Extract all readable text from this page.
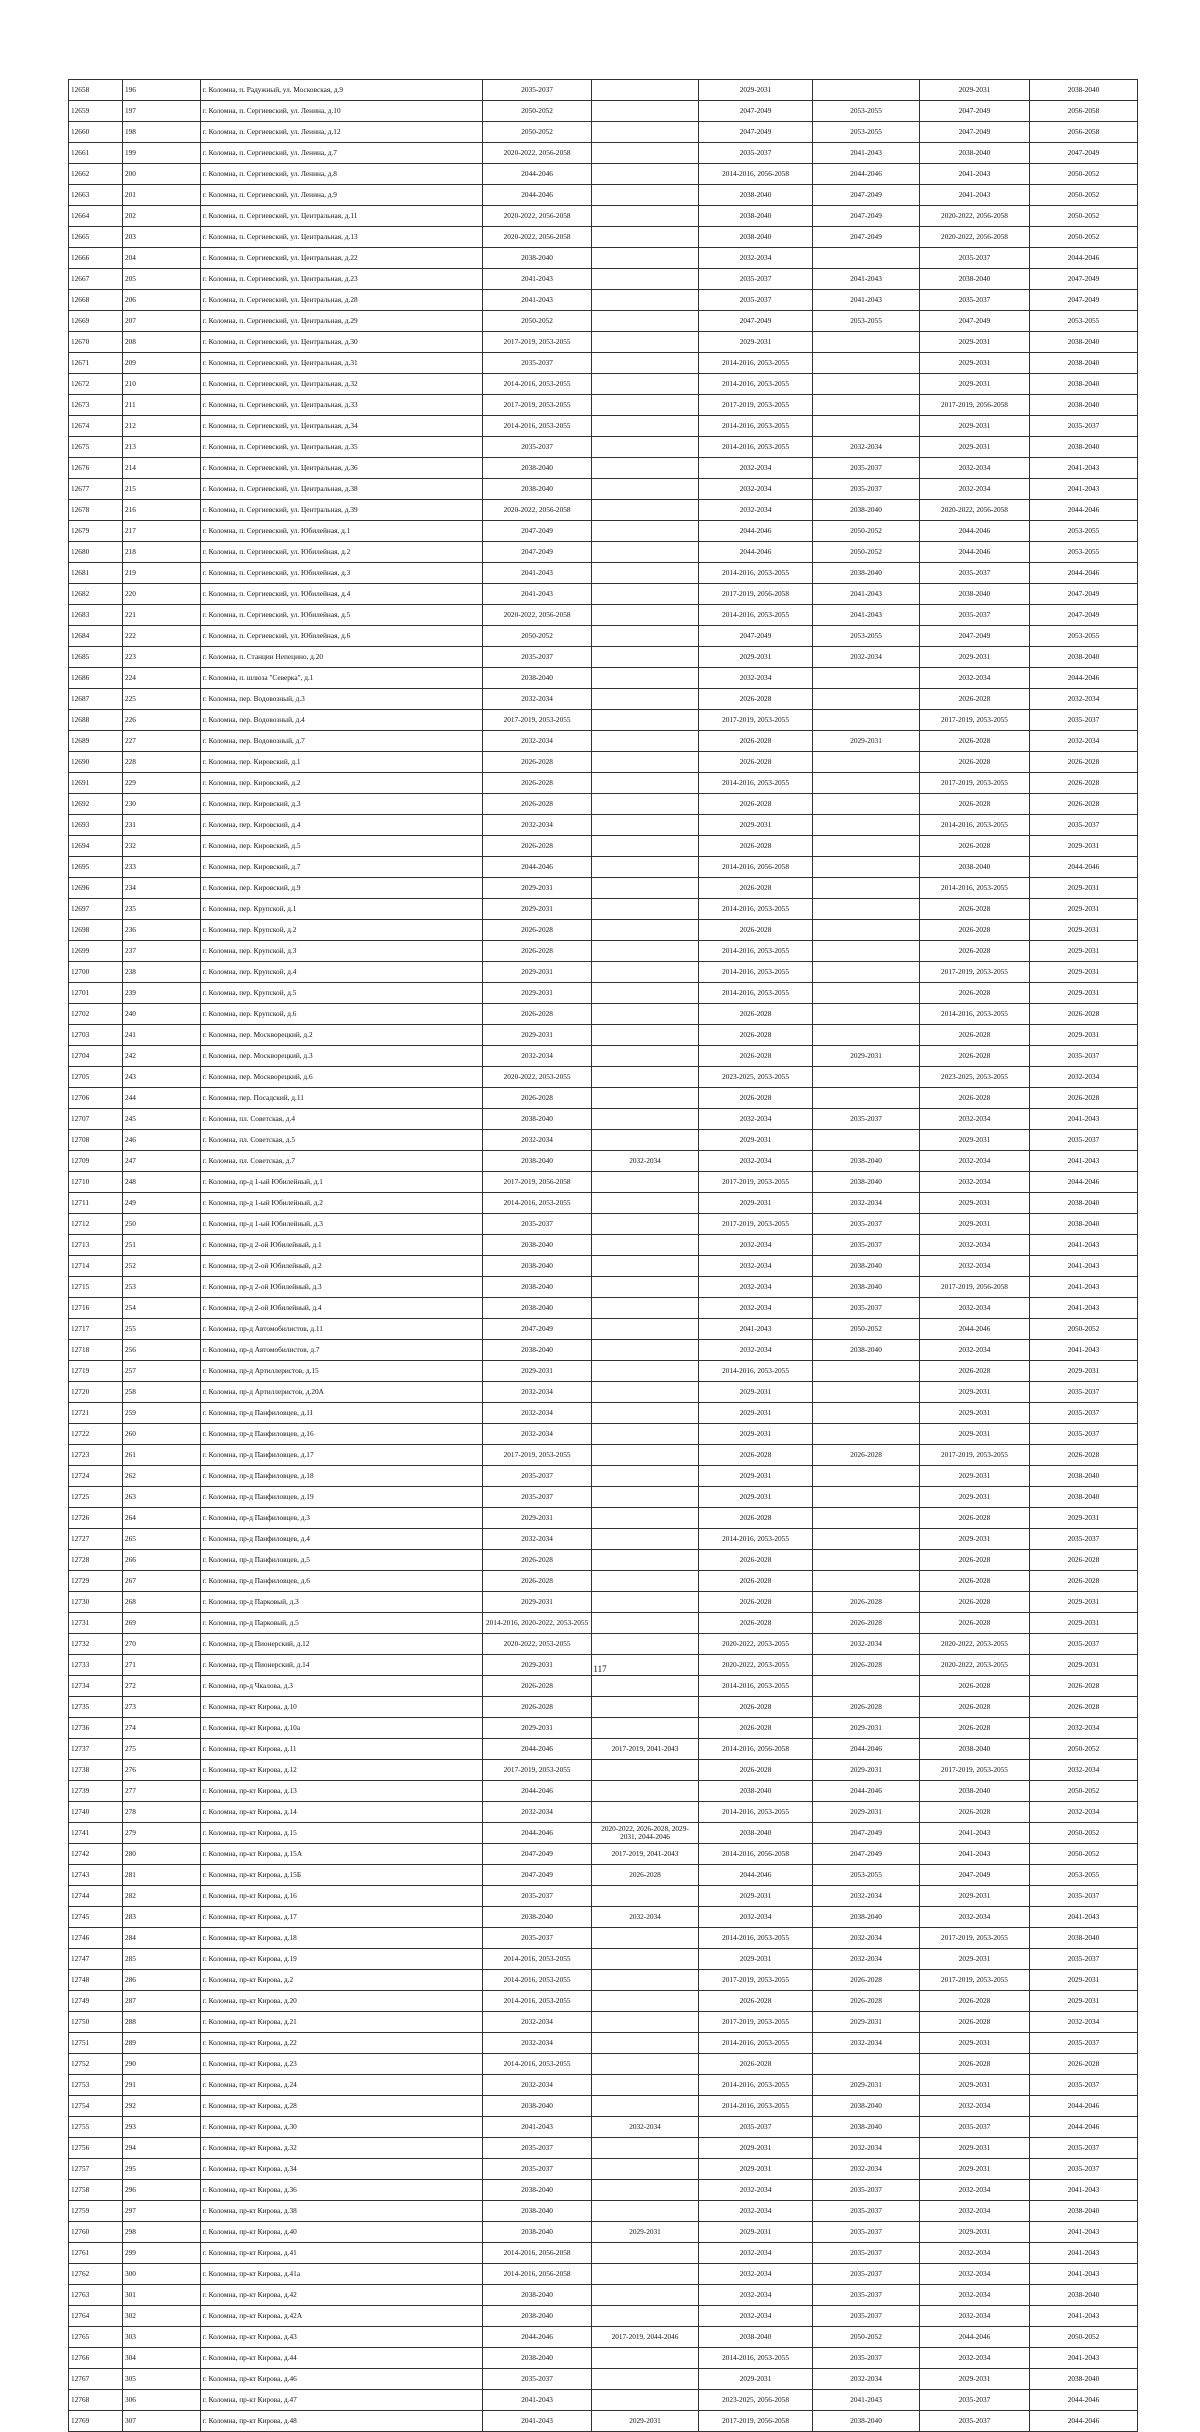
12658	196	г. Коломна, п. Радужный, ул. Московская, д.9	2035-2037		2029-2031		2029-2031	2038-2040
12659	197	г. Коломна, п. Сергиевский, ул. Ленина, д.10	2050-2052		2047-2049	2053-2055	2047-2049	2056-2058
12660	198	г. Коломна, п. Сергиевский, ул. Ленина, д.12	2050-2052		2047-2049	2053-2055	2047-2049	2056-2058
12661	199	г. Коломна, п. Сергиевский, ул. Ленина, д.7	2020-2022, 2056-2058		2035-2037	2041-2043	2038-2040	2047-2049
12662	200	г. Коломна, п. Сергиевский, ул. Ленина, д.8	2044-2046		2014-2016, 2056-2058	2044-2046	2041-2043	2050-2052
12663	201	г. Коломна, п. Сергиевский, ул. Ленина, д.9	2044-2046		2038-2040	2047-2049	2041-2043	2050-2052
12664	202	г. Коломна, п. Сергиевский, ул. Центральная, д.11	2020-2022, 2056-2058		2038-2040	2047-2049	2020-2022, 2056-2058	2050-2052
12665	203	г. Коломна, п. Сергиевский, ул. Центральная, д.13	2020-2022, 2056-2058		2038-2040	2047-2049	2020-2022, 2056-2058	2050-2052
12666	204	г. Коломна, п. Сергиевский, ул. Центральная, д.22	2038-2040		2032-2034		2035-2037	2044-2046
12667	205	г. Коломна, п. Сергиевский, ул. Центральная, д.23	2041-2043		2035-2037	2041-2043	2038-2040	2047-2049
12668	206	г. Коломна, п. Сергиевский, ул. Центральная, д.28	2041-2043		2035-2037	2041-2043	2035-2037	2047-2049
12669	207	г. Коломна, п. Сергиевский, ул. Центральная, д.29	2050-2052		2047-2049	2053-2055	2047-2049	2053-2055
12670	208	г. Коломна, п. Сергиевский, ул. Центральная, д.30	2017-2019, 2053-2055		2029-2031		2029-2031	2038-2040
12671	209	г. Коломна, п. Сергиевский, ул. Центральная, д.31	2035-2037		2014-2016, 2053-2055		2029-2031	2038-2040
12672	210	г. Коломна, п. Сергиевский, ул. Центральная, д.32	2014-2016, 2053-2055		2014-2016, 2053-2055		2029-2031	2038-2040
12673	211	г. Коломна, п. Сергиевский, ул. Центральная, д.33	2017-2019, 2053-2055		2017-2019, 2053-2055		2017-2019, 2056-2058	2038-2040
12674	212	г. Коломна, п. Сергиевский, ул. Центральная, д.34	2014-2016, 2053-2055		2014-2016, 2053-2055		2029-2031	2035-2037
12675	213	г. Коломна, п. Сергиевский, ул. Центральная, д.35	2035-2037		2014-2016, 2053-2055	2032-2034	2029-2031	2038-2040
12676	214	г. Коломна, п. Сергиевский, ул. Центральная, д.36	2038-2040		2032-2034	2035-2037	2032-2034	2041-2043
12677	215	г. Коломна, п. Сергиевский, ул. Центральная, д.38	2038-2040		2032-2034	2035-2037	2032-2034	2041-2043
12678	216	г. Коломна, п. Сергиевский, ул. Центральная, д.39	2020-2022, 2056-2058		2032-2034	2038-2040	2020-2022, 2056-2058	2044-2046
12679	217	г. Коломна, п. Сергиевский, ул. Юбилейная, д.1	2047-2049		2044-2046	2050-2052	2044-2046	2053-2055
12680	218	г. Коломна, п. Сергиевский, ул. Юбилейная, д.2	2047-2049		2044-2046	2050-2052	2044-2046	2053-2055
12681	219	г. Коломна, п. Сергиевский, ул. Юбилейная, д.3	2041-2043		2014-2016, 2053-2055	2038-2040	2035-2037	2044-2046
12682	220	г. Коломна, п. Сергиевский, ул. Юбилейная, д.4	2041-2043		2017-2019, 2056-2058	2041-2043	2038-2040	2047-2049
12683	221	г. Коломна, п. Сергиевский, ул. Юбилейная, д.5	2020-2022, 2056-2058		2014-2016, 2053-2055	2041-2043	2035-2037	2047-2049
12684	222	г. Коломна, п. Сергиевский, ул. Юбилейная, д.6	2050-2052		2047-2049	2053-2055	2047-2049	2053-2055
12685	223	г. Коломна, п. Станции Непецино, д.20	2035-2037		2029-2031	2032-2034	2029-2031	2038-2040
12686	224	г. Коломна, п. шлюза "Северка", д.1	2038-2040		2032-2034		2032-2034	2044-2046
12687	225	г. Коломна, пер. Водовозный, д.3	2032-2034		2026-2028		2026-2028	2032-2034
12688	226	г. Коломна, пер. Водовозный, д.4	2017-2019, 2053-2055		2017-2019, 2053-2055		2017-2019, 2053-2055	2035-2037
12689	227	г. Коломна, пер. Водовозный, д.7	2032-2034		2026-2028	2029-2031	2026-2028	2032-2034
12690	228	г. Коломна, пер. Кировский, д.1	2026-2028		2026-2028		2026-2028	2026-2028
12691	229	г. Коломна, пер. Кировский, д.2	2026-2028		2014-2016, 2053-2055		2017-2019, 2053-2055	2026-2028
12692	230	г. Коломна, пер. Кировский, д.3	2026-2028		2026-2028		2026-2028	2026-2028
12693	231	г. Коломна, пер. Кировский, д.4	2032-2034		2029-2031		2014-2016, 2053-2055	2035-2037
12694	232	г. Коломна, пер. Кировский, д.5	2026-2028		2026-2028		2026-2028	2029-2031
12695	233	г. Коломна, пер. Кировский, д.7	2044-2046		2014-2016, 2056-2058		2038-2040	2044-2046
12696	234	г. Коломна, пер. Кировский, д.9	2029-2031		2026-2028		2014-2016, 2053-2055	2029-2031
12697	235	г. Коломна, пер. Крупской, д.1	2029-2031		2014-2016, 2053-2055		2026-2028	2029-2031
12698	236	г. Коломна, пер. Крупской, д.2	2026-2028		2026-2028		2026-2028	2029-2031
12699	237	г. Коломна, пер. Крупской, д.3	2026-2028		2014-2016, 2053-2055		2026-2028	2029-2031
12700	238	г. Коломна, пер. Крупской, д.4	2029-2031		2014-2016, 2053-2055		2017-2019, 2053-2055	2029-2031
12701	239	г. Коломна, пер. Крупской, д.5	2029-2031		2014-2016, 2053-2055		2026-2028	2029-2031
12702	240	г. Коломна, пер. Крупской, д.6	2026-2028		2026-2028		2014-2016, 2053-2055	2026-2028
12703	241	г. Коломна, пер. Москворецкий, д.2	2029-2031		2026-2028		2026-2028	2029-2031
12704	242	г. Коломна, пер. Москворецкий, д.3	2032-2034		2026-2028	2029-2031	2026-2028	2035-2037
12705	243	г. Коломна, пер. Москворецкий, д.6	2020-2022, 2053-2055		2023-2025, 2053-2055		2023-2025, 2053-2055	2032-2034
12706	244	г. Коломна, пер. Посадский, д.11	2026-2028		2026-2028		2026-2028	2026-2028
12707	245	г. Коломна, пл. Советская, д.4	2038-2040		2032-2034	2035-2037	2032-2034	2041-2043
12708	246	г. Коломна, пл. Советская, д.5	2032-2034		2029-2031		2029-2031	2035-2037
12709	247	г. Коломна, пл. Советская, д.7	2038-2040	2032-2034	2032-2034	2038-2040	2032-2034	2041-2043
12710	248	г. Коломна, пр-д 1-ый Юбилейный, д.1	2017-2019, 2056-2058		2017-2019, 2053-2055	2038-2040	2032-2034	2044-2046
12711	249	г. Коломна, пр-д 1-ый Юбилейный, д.2	2014-2016, 2053-2055		2029-2031	2032-2034	2029-2031	2038-2040
12712	250	г. Коломна, пр-д 1-ый Юбилейный, д.3	2035-2037		2017-2019, 2053-2055	2035-2037	2029-2031	2038-2040
12713	251	г. Коломна, пр-д 2-ой Юбилейный, д.1	2038-2040		2032-2034	2035-2037	2032-2034	2041-2043
12714	252	г. Коломна, пр-д 2-ой Юбилейный, д.2	2038-2040		2032-2034	2038-2040	2032-2034	2041-2043
12715	253	г. Коломна, пр-д 2-ой Юбилейный, д.3	2038-2040		2032-2034	2038-2040	2017-2019, 2056-2058	2041-2043
12716	254	г. Коломна, пр-д 2-ой Юбилейный, д.4	2038-2040		2032-2034	2035-2037	2032-2034	2041-2043
12717	255	г. Коломна, пр-д Автомобилистов, д.11	2047-2049		2041-2043	2050-2052	2044-2046	2050-2052
12718	256	г. Коломна, пр-д Автомобилистов, д.7	2038-2040		2032-2034	2038-2040	2032-2034	2041-2043
12719	257	г. Коломна, пр-д Артиллеристов, д.15	2029-2031		2014-2016, 2053-2055		2026-2028	2029-2031
12720	258	г. Коломна, пр-д Артиллеристов, д.20А	2032-2034		2029-2031		2029-2031	2035-2037
12721	259	г. Коломна, пр-д Панфиловцев, д.11	2032-2034		2029-2031		2029-2031	2035-2037
12722	260	г. Коломна, пр-д Панфиловцев, д.16	2032-2034		2029-2031		2029-2031	2035-2037
12723	261	г. Коломна, пр-д Панфиловцев, д.17	2017-2019, 2053-2055		2026-2028	2026-2028	2017-2019, 2053-2055	2026-2028
12724	262	г. Коломна, пр-д Панфиловцев, д.18	2035-2037		2029-2031		2029-2031	2038-2040
12725	263	г. Коломна, пр-д Панфиловцев, д.19	2035-2037		2029-2031		2029-2031	2038-2040
12726	264	г. Коломна, пр-д Панфиловцев, д.3	2029-2031		2026-2028		2026-2028	2029-2031
12727	265	г. Коломна, пр-д Панфиловцев, д.4	2032-2034		2014-2016, 2053-2055		2029-2031	2035-2037
12728	266	г. Коломна, пр-д Панфиловцев, д.5	2026-2028		2026-2028		2026-2028	2026-2028
12729	267	г. Коломна, пр-д Панфиловцев, д.6	2026-2028		2026-2028		2026-2028	2026-2028
12730	268	г. Коломна, пр-д Парковый, д.3	2029-2031		2026-2028	2026-2028	2026-2028	2029-2031
12731	269	г. Коломна, пр-д Парковый, д.5	2014-2016, 2020-2022, 2053-2055		2026-2028	2026-2028	2026-2028	2029-2031
12732	270	г. Коломна, пр-д Пионерский, д.12	2020-2022, 2053-2055		2020-2022, 2053-2055	2032-2034	2020-2022, 2053-2055	2035-2037
12733	271	г. Коломна, пр-д Пионерский, д.14	2029-2031		2020-2022, 2053-2055	2026-2028	2020-2022, 2053-2055	2029-2031
12734	272	г. Коломна, пр-д Чкалова, д.3	2026-2028		2014-2016, 2053-2055		2026-2028	2026-2028
12735	273	г. Коломна, пр-кт Кирова, д.10	2026-2028		2026-2028	2026-2028	2026-2028	2026-2028
12736	274	г. Коломна, пр-кт Кирова, д.10а	2029-2031		2026-2028	2029-2031	2026-2028	2032-2034
12737	275	г. Коломна, пр-кт Кирова, д.11	2044-2046	2017-2019, 2041-2043	2014-2016, 2056-2058	2044-2046	2038-2040	2050-2052
12738	276	г. Коломна, пр-кт Кирова, д.12	2017-2019, 2053-2055		2026-2028	2029-2031	2017-2019, 2053-2055	2032-2034
12739	277	г. Коломна, пр-кт Кирова, д.13	2044-2046		2038-2040	2044-2046	2038-2040	2050-2052
12740	278	г. Коломна, пр-кт Кирова, д.14	2032-2034		2014-2016, 2053-2055	2029-2031	2026-2028	2032-2034
12741	279	г. Коломна, пр-кт Кирова, д.15	2044-2046	2020-2022, 2026-2028, 2029-2031, 2044-2046	2038-2040	2047-2049	2041-2043	2050-2052
12742	280	г. Коломна, пр-кт Кирова, д.15А	2047-2049	2017-2019, 2041-2043	2014-2016, 2056-2058	2047-2049	2041-2043	2050-2052
12743	281	г. Коломна, пр-кт Кирова, д.15Б	2047-2049	2026-2028	2044-2046	2053-2055	2047-2049	2053-2055
12744	282	г. Коломна, пр-кт Кирова, д.16	2035-2037		2029-2031	2032-2034	2029-2031	2035-2037
12745	283	г. Коломна, пр-кт Кирова, д.17	2038-2040	2032-2034	2032-2034	2038-2040	2032-2034	2041-2043
12746	284	г. Коломна, пр-кт Кирова, д.18	2035-2037		2014-2016, 2053-2055	2032-2034	2017-2019, 2053-2055	2038-2040
12747	285	г. Коломна, пр-кт Кирова, д.19	2014-2016, 2053-2055		2029-2031	2032-2034	2029-2031	2035-2037
12748	286	г. Коломна, пр-кт Кирова, д.2	2014-2016, 2053-2055		2017-2019, 2053-2055	2026-2028	2017-2019, 2053-2055	2029-2031
12749	287	г. Коломна, пр-кт Кирова, д.20	2014-2016, 2053-2055		2026-2028	2026-2028	2026-2028	2029-2031
12750	288	г. Коломна, пр-кт Кирова, д.21	2032-2034		2017-2019, 2053-2055	2029-2031	2026-2028	2032-2034
12751	289	г. Коломна, пр-кт Кирова, д.22	2032-2034		2014-2016, 2053-2055	2032-2034	2029-2031	2035-2037
12752	290	г. Коломна, пр-кт Кирова, д.23	2014-2016, 2053-2055		2026-2028		2026-2028	2026-2028
12753	291	г. Коломна, пр-кт Кирова, д.24	2032-2034		2014-2016, 2053-2055	2029-2031	2029-2031	2035-2037
12754	292	г. Коломна, пр-кт Кирова, д.28	2038-2040		2014-2016, 2053-2055	2038-2040	2032-2034	2044-2046
12755	293	г. Коломна, пр-кт Кирова, д.30	2041-2043	2032-2034	2035-2037	2038-2040	2035-2037	2044-2046
12756	294	г. Коломна, пр-кт Кирова, д.32	2035-2037		2029-2031	2032-2034	2029-2031	2035-2037
12757	295	г. Коломна, пр-кт Кирова, д.34	2035-2037		2029-2031	2032-2034	2029-2031	2035-2037
12758	296	г. Коломна, пр-кт Кирова, д.36	2038-2040		2032-2034	2035-2037	2032-2034	2041-2043
12759	297	г. Коломна, пр-кт Кирова, д.38	2038-2040		2032-2034	2035-2037	2032-2034	2038-2040
12760	298	г. Коломна, пр-кт Кирова, д.40	2038-2040	2029-2031	2029-2031	2035-2037	2029-2031	2041-2043
12761	299	г. Коломна, пр-кт Кирова, д.41	2014-2016, 2056-2058		2032-2034	2035-2037	2032-2034	2041-2043
12762	300	г. Коломна, пр-кт Кирова, д.41а	2014-2016, 2056-2058		2032-2034	2035-2037	2032-2034	2041-2043
12763	301	г. Коломна, пр-кт Кирова, д.42	2038-2040		2032-2034	2035-2037	2032-2034	2038-2040
12764	302	г. Коломна, пр-кт Кирова, д.42А	2038-2040		2032-2034	2035-2037	2032-2034	2041-2043
12765	303	г. Коломна, пр-кт Кирова, д.43	2044-2046	2017-2019, 2044-2046	2038-2040	2050-2052	2044-2046	2050-2052
12766	304	г. Коломна, пр-кт Кирова, д.44	2038-2040		2014-2016, 2053-2055	2035-2037	2032-2034	2041-2043
12767	305	г. Коломна, пр-кт Кирова, д.46	2035-2037		2029-2031	2032-2034	2029-2031	2038-2040
12768	306	г. Коломна, пр-кт Кирова, д.47	2041-2043		2023-2025, 2056-2058	2041-2043	2035-2037	2044-2046
12769	307	г. Коломна, пр-кт Кирова, д.48	2041-2043	2029-2031	2017-2019, 2056-2058	2038-2040	2035-2037	2044-2046
117
